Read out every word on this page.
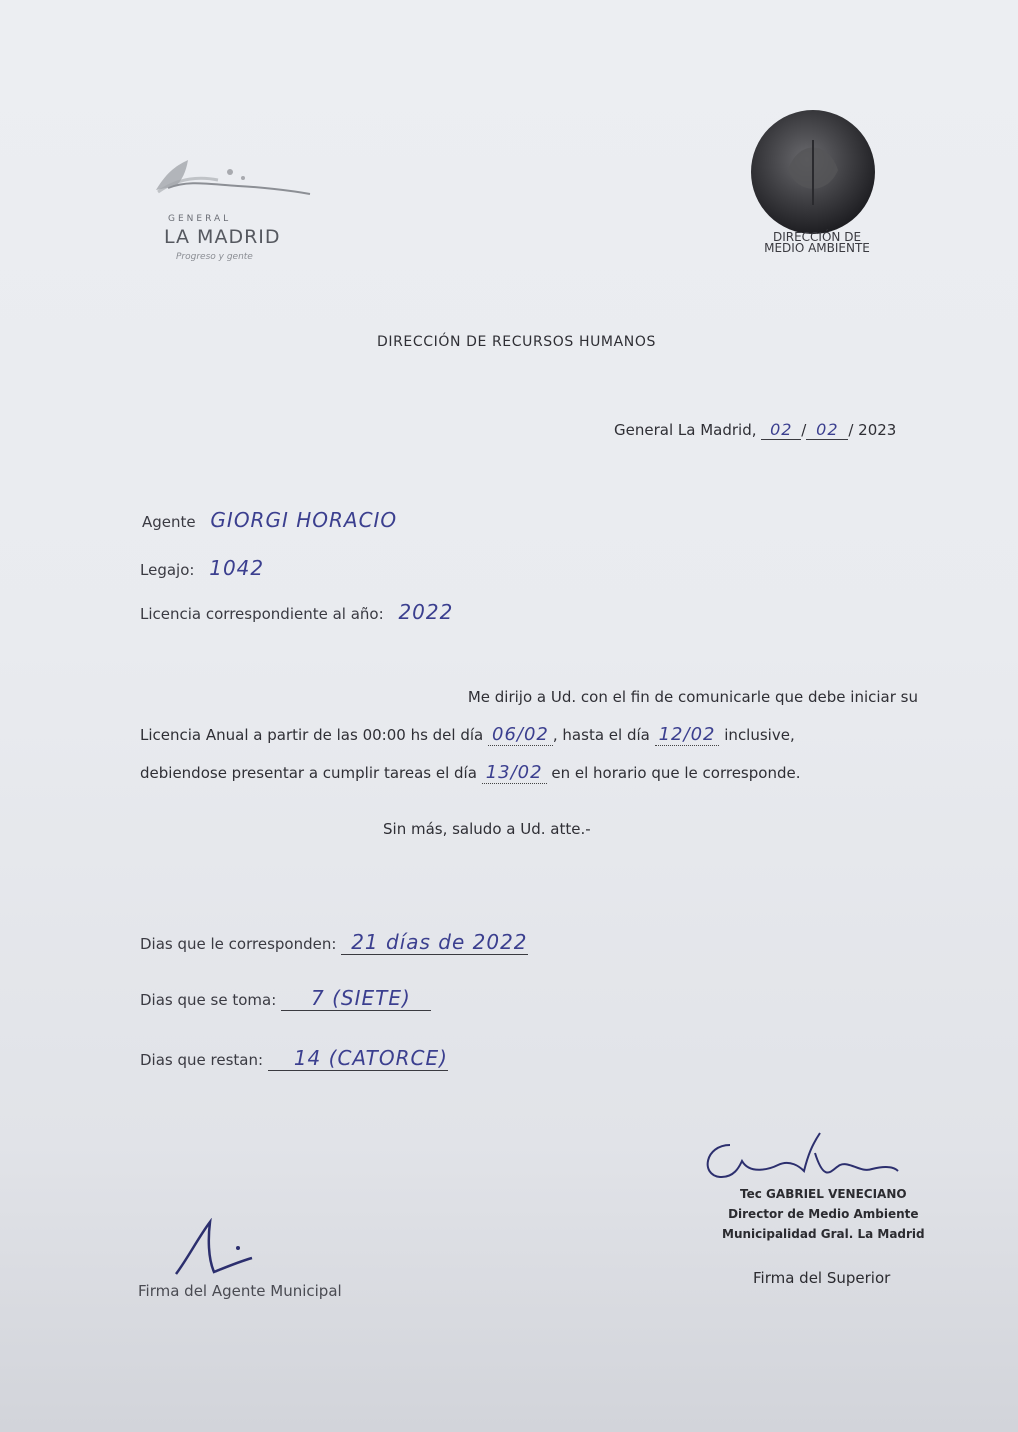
GENERAL
LA MADRID
Progreso y gente
DIRECCIÓN DE
MEDIO AMBIENTE
DIRECCIÓN DE RECURSOS HUMANOS
General La Madrid, 02 / 02 / 2023
Agente GIORGI HORACIO
Legajo: 1042
Licencia correspondiente al año: 2022
Me dirijo a Ud. con el fin de comunicarle que debe iniciar su
Licencia Anual a partir de las 00:00 hs del día 06/02 , hasta el día 12/02 inclusive,
debiendose presentar a cumplir tareas el día 13/02 en el horario que le corresponde.
Sin más, saludo a Ud. atte.-
Dias que le corresponden: 21 días de 2022
Dias que se toma: 7 (SIETE)
Dias que restan: 14 (CATORCE)
Tec GABRIEL VENECIANO
Director de Medio Ambiente
Municipalidad Gral. La Madrid
Firma del Superior
Firma del Agente Municipal
